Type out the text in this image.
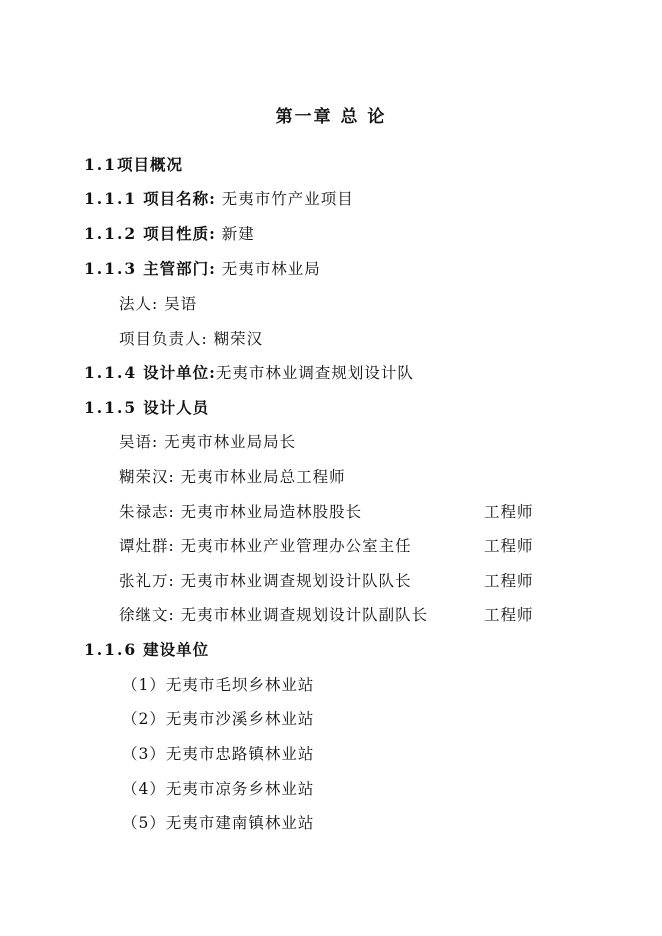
第一章 总 论
1.1项目概况
1.1.1 项目名称: 无夷市竹产业项目
1.1.2 项目性质: 新建
1.1.3 主管部门: 无夷市林业局
法人: 吴语
项目负责人: 糊荣汉
1.1.4 设计单位:无夷市林业调查规划设计队
1.1.5 设计人员
吴语: 无夷市林业局局长
糊荣汉: 无夷市林业局总工程师
朱禄志: 无夷市林业局造林股股长	工程师
谭灶群: 无夷市林业产业管理办公室主任	工程师
张礼万: 无夷市林业调查规划设计队队长	工程师
徐继文: 无夷市林业调查规划设计队副队长	工程师
1.1.6 建设单位
（1）无夷市毛坝乡林业站
（2）无夷市沙溪乡林业站
（3）无夷市忠路镇林业站
（4）无夷市凉务乡林业站
（5）无夷市建南镇林业站
